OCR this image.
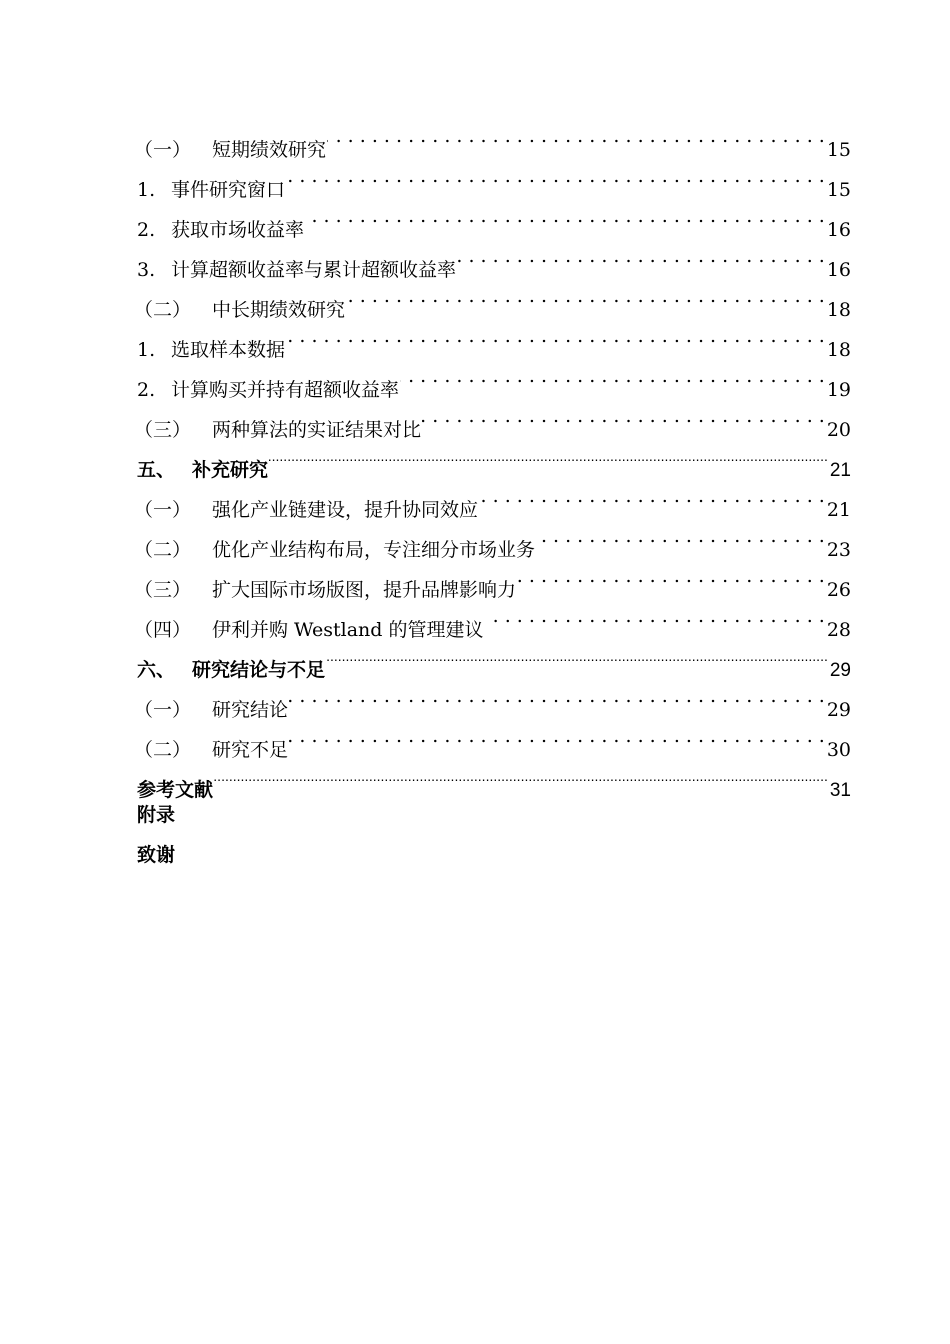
（一）	短期绩效研究 . . .	15
1. 事件研究窗口 . . .	15
2. 获取市场收益率 . . .	16
3. 计算超额收益率与累计超额收益率 . . .	16
（二）	中长期绩效研究 . . .	18
1. 选取样本数据 . . .	18
2. 计算购买并持有超额收益率 . . .	19
（三）	两种算法的实证结果对比 . . .	20
五、 补充研究 .....	21
（一）	强化产业链建设，提升协同效应 . . .	21
（二）	优化产业结构布局，专注细分市场业务 . . .	23
（三）	扩大国际市场版图，提升品牌影响力 . . .	26
（四）	伊利并购 Westland 的管理建议 . . .	28
六、 研究结论与不足 .....	29
（一）	研究结论 . . .	29
（二）	研究不足 . . .	30
参考文献 .....	31
附录
致谢
